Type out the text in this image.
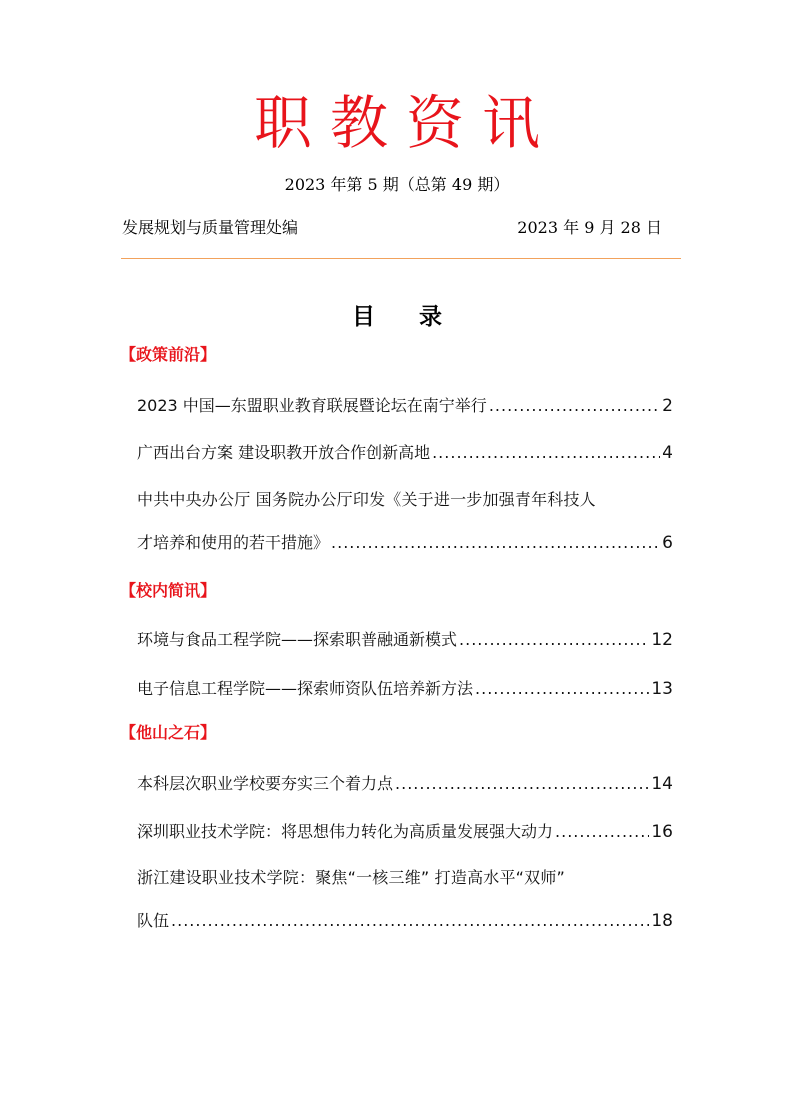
职教资讯
2023 年第 5 期（总第 49 期）
发展规划与质量管理处编	2023 年 9 月 28 日
目 录
【政策前沿】
2023 中国—东盟职业教育联展暨论坛在南宁举行 .....	2
广西出台方案 建设职教开放合作创新高地 .....	4
中共中央办公厅 国务院办公厅印发《关于进一步加强青年科技人
才培养和使用的若干措施》 .....	6
【校内简讯】
环境与食品工程学院——探索职普融通新模式 .....	12
电子信息工程学院——探索师资队伍培养新方法 .....	13
【他山之石】
本科层次职业学校要夯实三个着力点 .....	14
深圳职业技术学院：将思想伟力转化为高质量发展强大动力 .....	16
浙江建设职业技术学院：聚焦“一核三维” 打造高水平“双师”
队伍 .....	18
